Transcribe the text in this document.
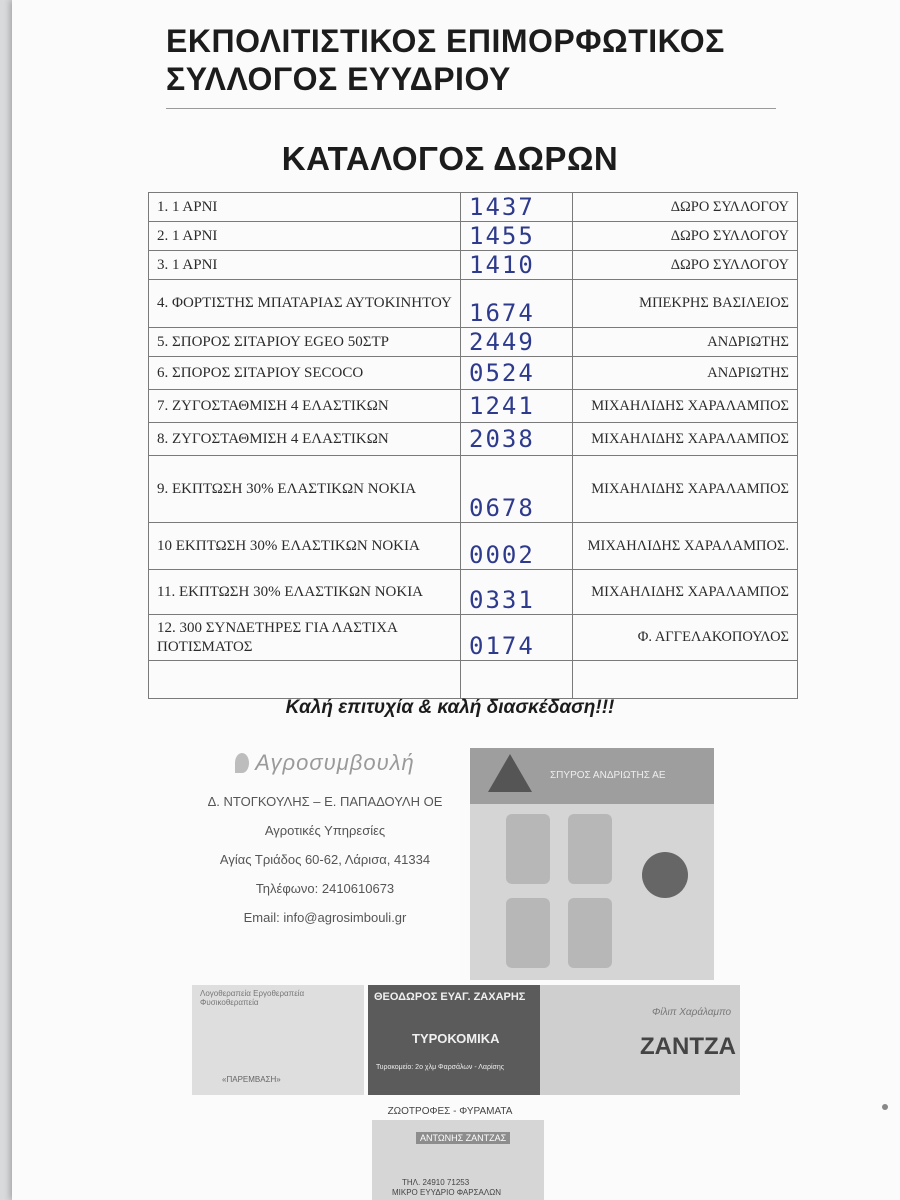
ΕΚΠΟΛΙΤΙΣΤΙΚΟΣ ΕΠΙΜΟΡΦΩΤΙΚΟΣ
ΣΥΛΛΟΓΟΣ ΕΥΥΔΡΙΟΥ
ΚΑΤΑΛΟΓΟΣ ΔΩΡΩΝ
1. 1 ΑΡΝΙ	1437	ΔΩΡΟ ΣΥΛΛΟΓΟΥ
2. 1 ΑΡΝΙ	1455	ΔΩΡΟ ΣΥΛΛΟΓΟΥ
3. 1 ΑΡΝΙ	1410	ΔΩΡΟ ΣΥΛΛΟΓΟΥ
4. ΦΟΡΤΙΣΤΗΣ ΜΠΑΤΑΡΙΑΣ ΑΥΤΟΚΙΝΗΤΟΥ	1674	ΜΠΕΚΡΗΣ ΒΑΣΙΛΕΙΟΣ
5. ΣΠΟΡΟΣ ΣΙΤΑΡΙΟΥ EGEO 50ΣΤΡ	2449	ΑΝΔΡΙΩΤΗΣ
6. ΣΠΟΡΟΣ ΣΙΤΑΡΙΟΥ SECOCO	0524	ΑΝΔΡΙΩΤΗΣ
7. ΖΥΓΟΣΤΑΘΜΙΣΗ 4 ΕΛΑΣΤΙΚΩΝ	1241	ΜΙΧΑΗΛΙΔΗΣ ΧΑΡΑΛΑΜΠΟΣ
8. ΖΥΓΟΣΤΑΘΜΙΣΗ 4 ΕΛΑΣΤΙΚΩΝ	2038	ΜΙΧΑΗΛΙΔΗΣ ΧΑΡΑΛΑΜΠΟΣ
9. ΕΚΠΤΩΣΗ 30% ΕΛΑΣΤΙΚΩΝ NOKIA	0678	ΜΙΧΑΗΛΙΔΗΣ ΧΑΡΑΛΑΜΠΟΣ
10 ΕΚΠΤΩΣΗ 30% ΕΛΑΣΤΙΚΩΝ NOKIA	0002	ΜΙΧΑΗΛΙΔΗΣ ΧΑΡΑΛΑΜΠΟΣ.
11. ΕΚΠΤΩΣΗ 30% ΕΛΑΣΤΙΚΩΝ NOKIA	0331	ΜΙΧΑΗΛΙΔΗΣ ΧΑΡΑΛΑΜΠΟΣ
12. 300 ΣΥΝΔΕΤΗΡΕΣ ΓΙΑ ΛΑΣΤΙΧΑ ΠΟΤΙΣΜΑΤΟΣ	0174	Φ. ΑΓΓΕΛΑΚΟΠΟΥΛΟΣ

Καλή επιτυχία & καλή διασκέδαση!!!
Αγροσυμβουλή
Δ. ΝΤΟΓΚΟΥΛΗΣ – Ε. ΠΑΠΑΔΟΥΛΗ ΟΕ
Αγροτικές Υπηρεσίες
Αγίας Τριάδος 60-62, Λάρισα, 41334
Τηλέφωνο: 2410610673
Email: info@agrosimbouli.gr
ΣΠΥΡΟΣ ΑΝΔΡΙΩΤΗΣ ΑΕ
Λογοθεραπεία Εργοθεραπεία Φυσικοθεραπεία
«ΠΑΡΕΜΒΑΣΗ»
ΘΕΟΔΩΡΟΣ ΕΥΑΓ. ΖΑΧΑΡΗΣ
ΤΥΡΟΚΟΜΙΚΑ
Τυροκομείο: 2ο χλμ Φαρσάλων - Λαρίσης
Φίλιπ Χαράλαμπο
ΖΑΝΤΖΑ
ΖΩΟΤΡΟΦΕΣ - ΦΥΡΑΜΑΤΑ
ΑΝΤΩΝΗΣ ΖΑΝΤΖΑΣ
ΤΗΛ. 24910 71253
ΜΙΚΡΟ ΕΥΥΔΡΙΟ ΦΑΡΣΑΛΩΝ
